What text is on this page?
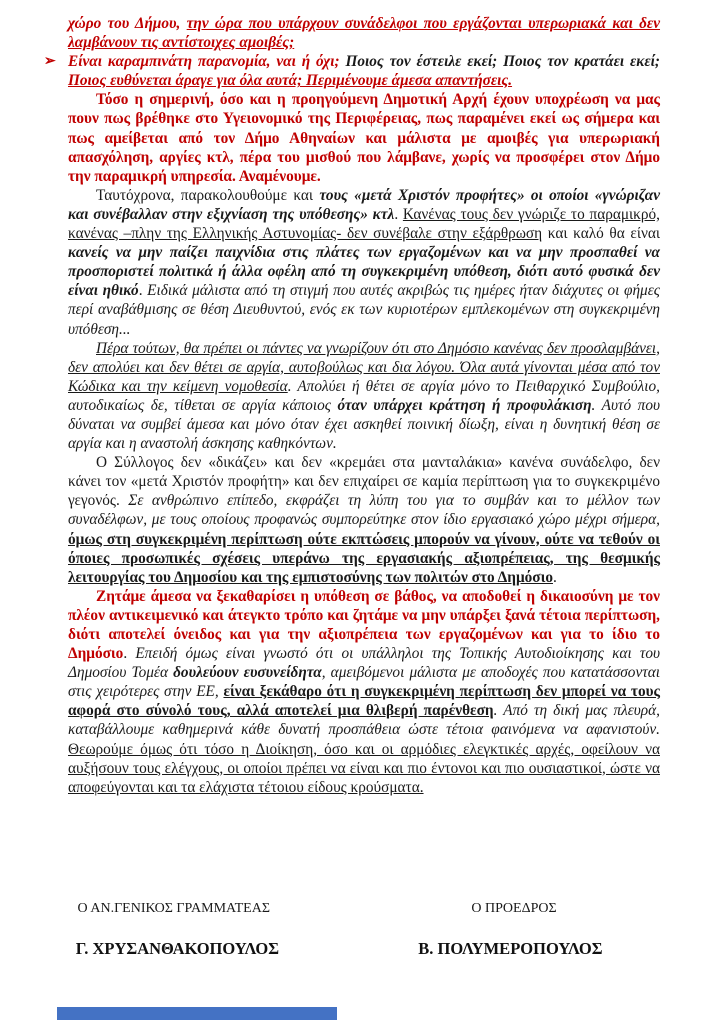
χώρο του Δήμου, την ώρα που υπάρχουν συνάδελφοι που εργάζονται υπερωριακά και δεν λαμβάνουν τις αντίστοιχες αμοιβές;

➢ Είναι καραμπινάτη παρανομία, ναι ή όχι; Ποιος τον έστειλε εκεί; Ποιος τον κρατάει εκεί; Ποιος ευθύνεται άραγε για όλα αυτά; Περιμένουμε άμεσα απαντήσεις.

Τόσο η σημερινή, όσο και η προηγούμενη Δημοτική Αρχή έχουν υποχρέωση να μας πουν πως βρέθηκε στο Υγειονομικό της Περιφέρειας, πως παραμένει εκεί ως σήμερα και πως αμείβεται από τον Δήμο Αθηναίων και μάλιστα με αμοιβές για υπερωριακή απασχόληση, αργίες κτλ, πέρα του μισθού που λάμβανε, χωρίς να προσφέρει στον Δήμο την παραμικρή υπηρεσία. Αναμένουμε.

Ταυτόχρονα, παρακολουθούμε και τους «μετά Χριστόν προφήτες» οι οποίοι «γνώριζαν και συνέβαλλαν στην εξιχνίαση της υπόθεσης» κτλ. Κανένας τους δεν γνώριζε το παραμικρό, κανένας –πλην της Ελληνικής Αστυνομίας- δεν συνέβαλε στην εξάρθρωση και καλό θα είναι κανείς να μην παίζει παιχνίδια στις πλάτες των εργαζομένων και να μην προσπαθεί να προσποριστεί πολιτικά ή άλλα οφέλη από τη συγκεκριμένη υπόθεση, διότι αυτό φυσικά δεν είναι ηθικό. Ειδικά μάλιστα από τη στιγμή που αυτές ακριβώς τις ημέρες ήταν διάχυτες οι φήμες περί αναβάθμισης σε θέση Διευθυντού, ενός εκ των κυριοτέρων εμπλεκομένων στη συγκεκριμένη υπόθεση...

Πέρα τούτων, θα πρέπει οι πάντες να γνωρίζουν ότι στο Δημόσιο κανένας δεν προσλαμβάνει, δεν απολύει και δεν θέτει σε αργία, αυτοβούλως και δια λόγου. Όλα αυτά γίνονται μέσα από τον Κώδικα και την κείμενη νομοθεσία. Απολύει ή θέτει σε αργία μόνο το Πειθαρχικό Συμβούλιο, αυτοδικαίως δε, τίθεται σε αργία κάποιος όταν υπάρχει κράτηση ή προφυλάκιση. Αυτό που δύναται να συμβεί άμεσα και μόνο όταν έχει ασκηθεί ποινική δίωξη, είναι η δυνητική θέση σε αργία και η αναστολή άσκησης καθηκόντων.

Ο Σύλλογος δεν «δικάζει» και δεν «κρεμάει στα μανταλάκια» κανένα συνάδελφο, δεν κάνει τον «μετά Χριστόν προφήτη» και δεν επιχαίρει σε καμία περίπτωση για το συγκεκριμένο γεγονός. Σε ανθρώπινο επίπεδο, εκφράζει τη λύπη του για το συμβάν και το μέλλον των συναδέλφων, με τους οποίους προφανώς συμπορεύτηκε στον ίδιο εργασιακό χώρο μέχρι σήμερα, όμως στη συγκεκριμένη περίπτωση ούτε εκπτώσεις μπορούν να γίνουν, ούτε να τεθούν οι όποιες προσωπικές σχέσεις υπεράνω της εργασιακής αξιοπρέπειας, της θεσμικής λειτουργίας του Δημοσίου και της εμπιστοσύνης των πολιτών στο Δημόσιο.

Ζητάμε άμεσα να ξεκαθαρίσει η υπόθεση σε βάθος, να αποδοθεί η δικαιοσύνη με τον πλέον αντικειμενικό και άτεγκτο τρόπο και ζητάμε να μην υπάρξει ξανά τέτοια περίπτωση, διότι αποτελεί όνειδος και για την αξιοπρέπεια των εργαζομένων και για το ίδιο το Δημόσιο. Επειδή όμως είναι γνωστό ότι οι υπάλληλοι της Τοπικής Αυτοδιοίκησης και του Δημοσίου Τομέα δουλεύουν ευσυνείδητα, αμειβόμενοι μάλιστα με αποδοχές που κατατάσσονται στις χειρότερες στην ΕΕ, είναι ξεκάθαρο ότι η συγκεκριμένη περίπτωση δεν μπορεί να τους αφορά στο σύνολό τους, αλλά αποτελεί μια θλιβερή παρένθεση. Από τη δική μας πλευρά, καταβάλλουμε καθημερινά κάθε δυνατή προσπάθεια ώστε τέτοια φαινόμενα να αφανιστούν. Θεωρούμε όμως ότι τόσο η Διοίκηση, όσο και οι αρμόδιες ελεγκτικές αρχές, οφείλουν να αυξήσουν τους ελέγχους, οι οποίοι πρέπει να είναι και πιο έντονοι και πιο ουσιαστικοί, ώστε να αποφεύγονται και τα ελάχιστα τέτοιου είδους κρούσματα.

Ο ΑΝ.ΓΕΝΙΚΟΣ ΓΡΑΜΜΑΤΕΑΣ	Ο ΠΡΟΕΔΡΟΣ
Γ. ΧΡΥΣΑΝΘΑΚΟΠΟΥΛΟΣ	Β. ΠΟΛΥΜΕΡΟΠΟΥΛΟΣ
